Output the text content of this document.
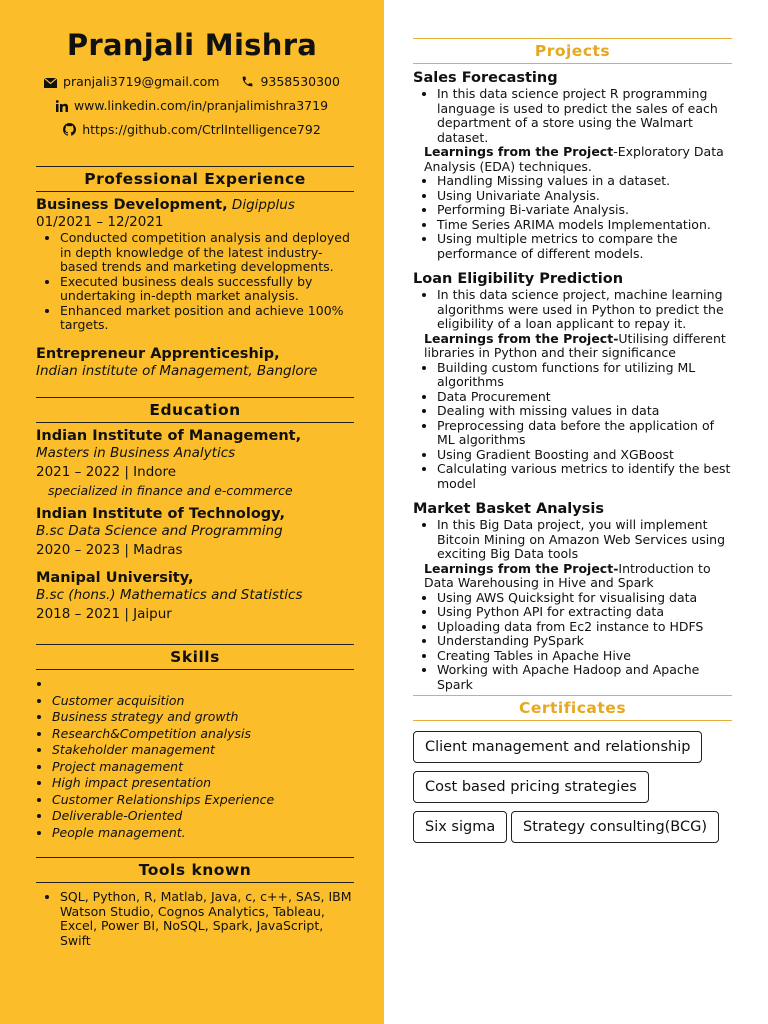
Pranjali Mishra
pranjali3719@gmail.com	9358530300
www.linkedin.com/in/pranjalimishra3719
https://github.com/CtrlIntelligence792
Professional Experience
Business Development, Digipplus
01/2021 – 12/2021
• Conducted competition analysis and deployed in depth knowledge of the latest industry-based trends and marketing developments.
• Executed business deals successfully by undertaking in-depth market analysis.
• Enhanced market position and achieve 100% targets.
Entrepreneur Apprenticeship,
Indian institute of Management, Banglore
Education
Indian Institute of Management,
Masters in Business Analytics
2021 – 2022 | Indore
specialized in finance and e-commerce
Indian Institute of Technology,
B.sc Data Science and Programming
2020 – 2023 | Madras
Manipal University,
B.sc (hons.) Mathematics and Statistics
2018 – 2021 | Jaipur
Skills
•
• Customer acquisition
• Business strategy and growth
• Research&Competition analysis
• Stakeholder management
• Project management
• High impact presentation
• Customer Relationships Experience
• Deliverable-Oriented
• People management.
Tools known
• SQL, Python, R, Matlab, Java, c, c++, SAS, IBM Watson Studio, Cognos Analytics, Tableau, Excel, Power BI, NoSQL, Spark, JavaScript, Swift
Projects
Sales Forecasting
• In this data science project R programming language is used to predict the sales of each department of a store using the Walmart dataset.
Learnings from the Project-Exploratory Data Analysis (EDA) techniques.
• Handling Missing values in a dataset.
• Using Univariate Analysis.
• Performing Bi-variate Analysis.
• Time Series ARIMA models Implementation.
• Using multiple metrics to compare the performance of different models.
Loan Eligibility Prediction
• In this data science project, machine learning algorithms were used in Python to predict the eligibility of a loan applicant to repay it.
Learnings from the Project-Utilising different libraries in Python and their significance
• Building custom functions for utilizing ML algorithms
• Data Procurement
• Dealing with missing values in data
• Preprocessing data before the application of ML algorithms
• Using Gradient Boosting and XGBoost
• Calculating various metrics to identify the best model
Market Basket Analysis
• In this Big Data project, you will implement Bitcoin Mining on Amazon Web Services using exciting Big Data tools
Learnings from the Project-Introduction to Data Warehousing in Hive and Spark
• Using AWS Quicksight for visualising data
• Using Python API for extracting data
• Uploading data from Ec2 instance to HDFS
• Understanding PySpark
• Creating Tables in Apache Hive
• Working with Apache Hadoop and Apache Spark
Certificates
Client management and relationship
Cost based pricing strategies
Six sigma	Strategy consulting(BCG)
